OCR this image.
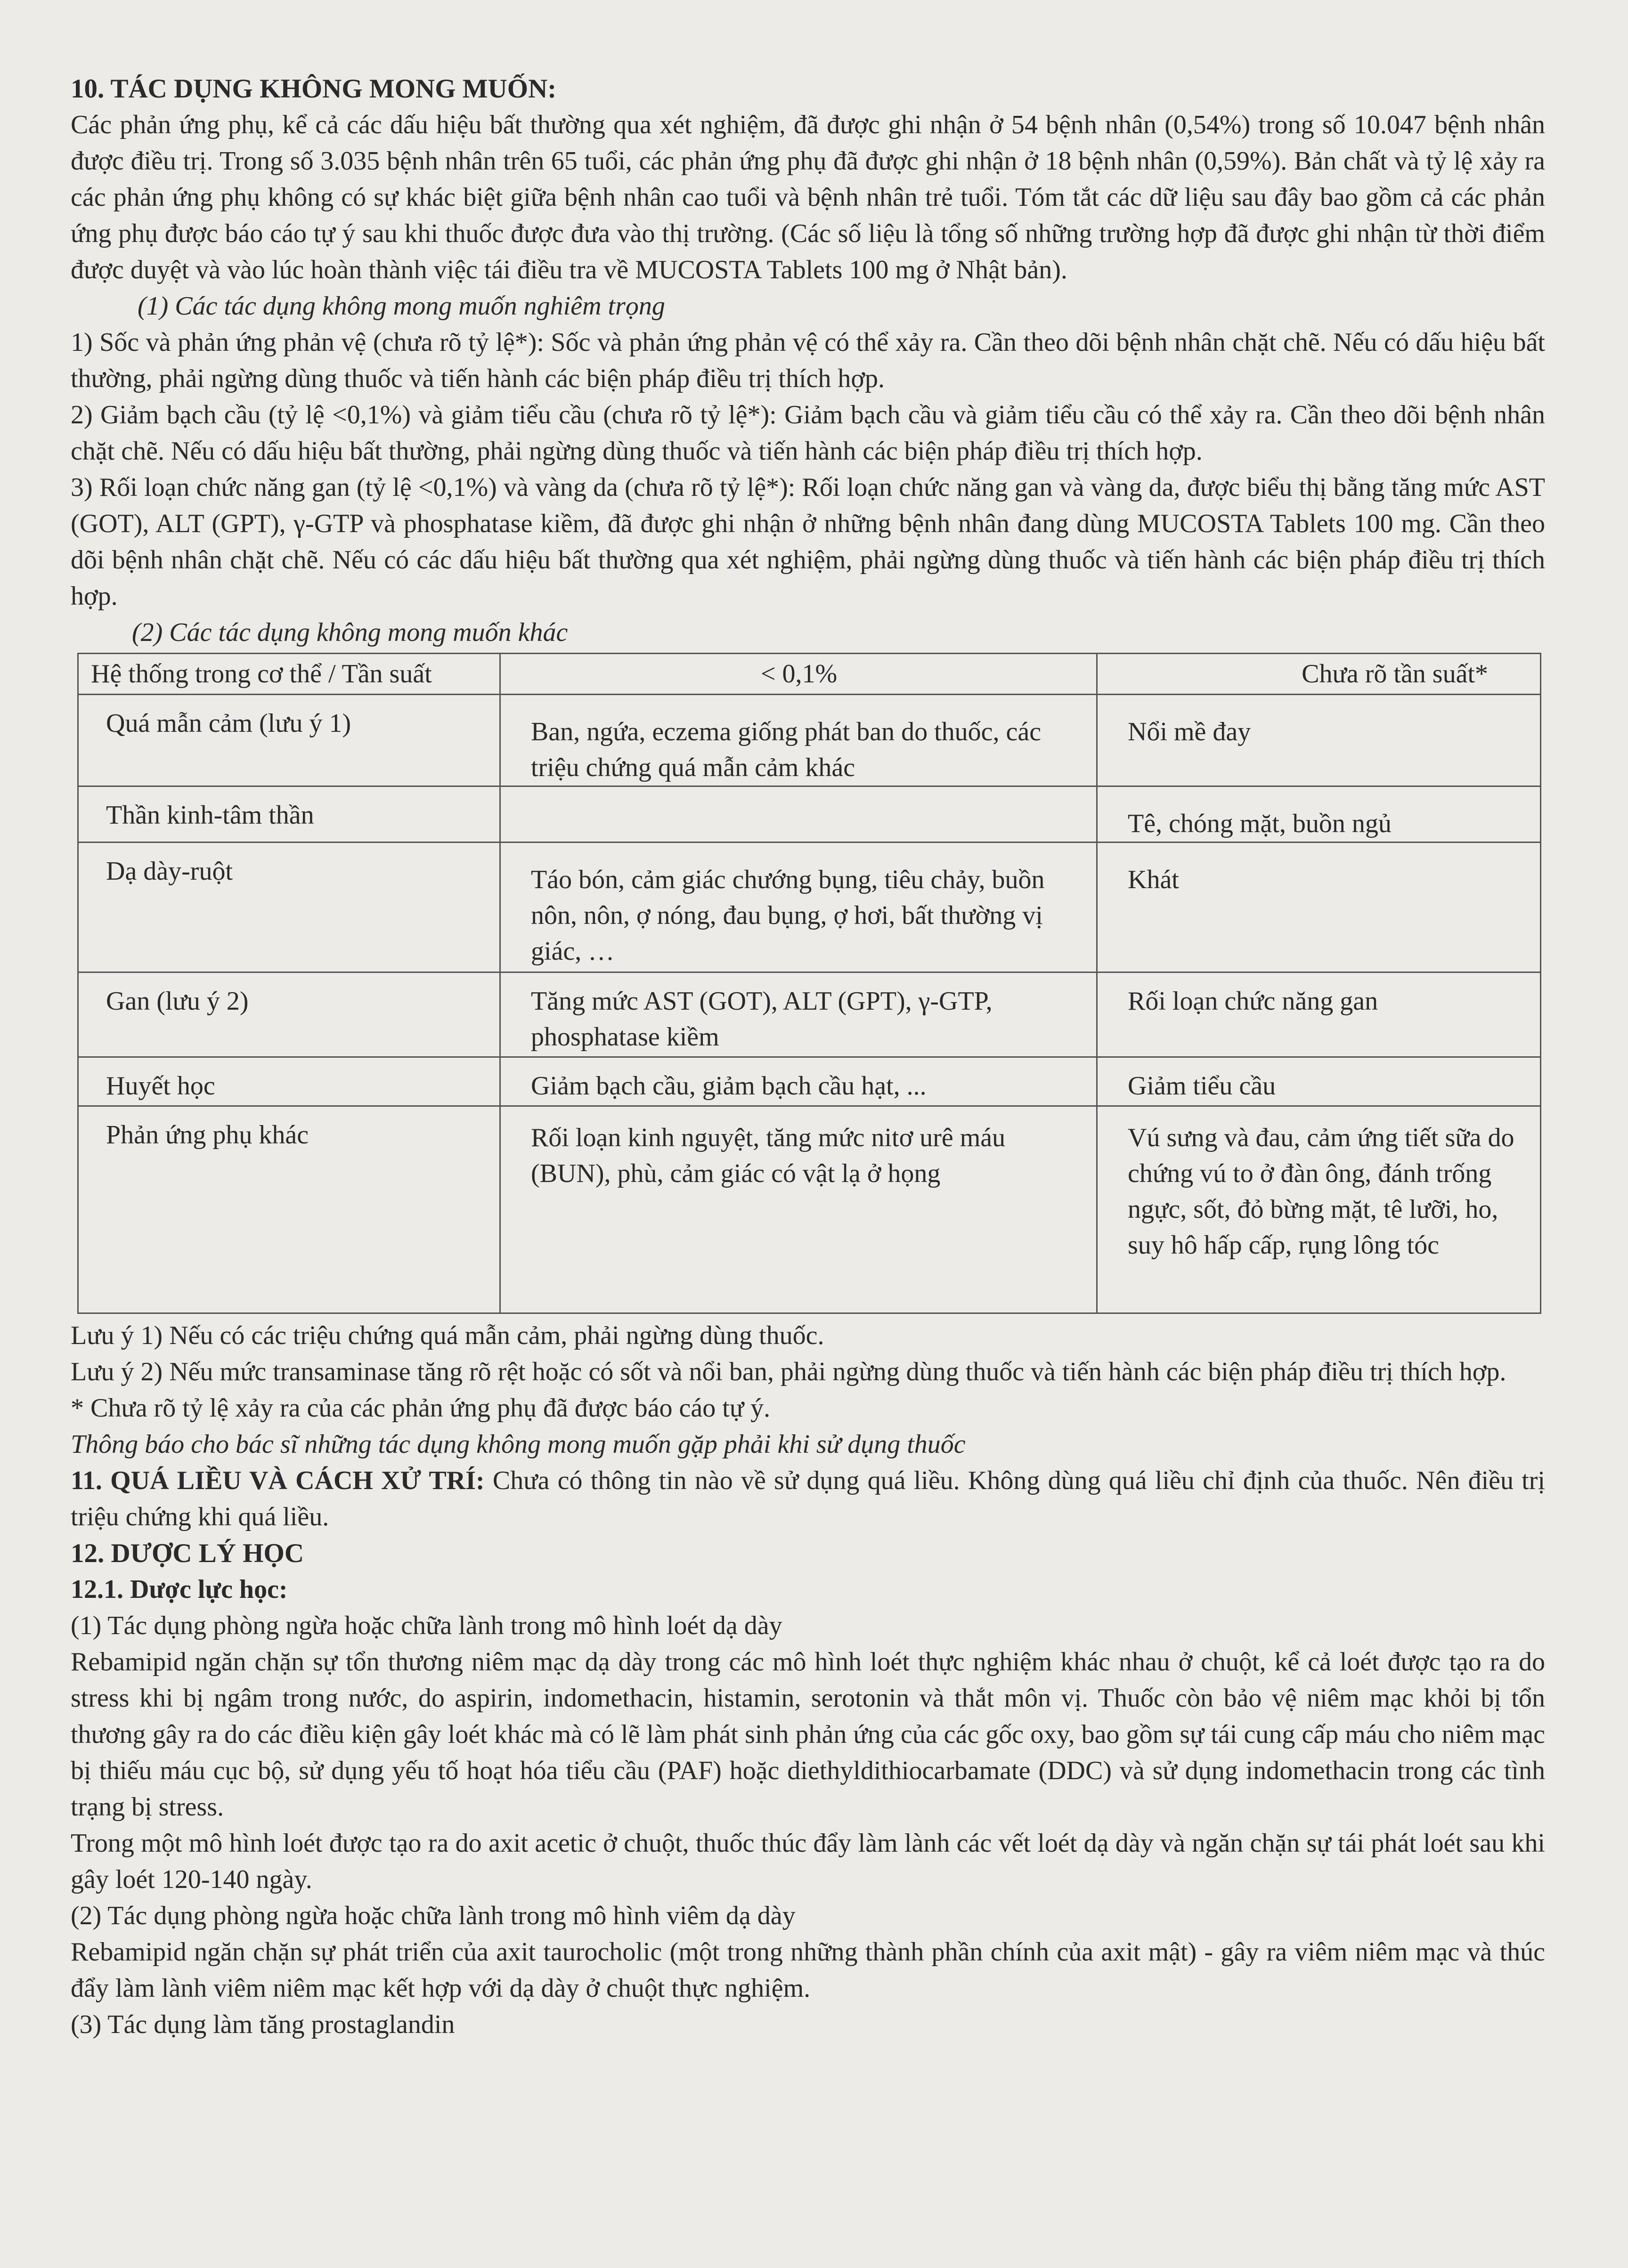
10. TÁC DỤNG KHÔNG MONG MUỐN:

Các phản ứng phụ, kể cả các dấu hiệu bất thường qua xét nghiệm, đã được ghi nhận ở 54 bệnh nhân (0,54%) trong số 10.047 bệnh nhân được điều trị. Trong số 3.035 bệnh nhân trên 65 tuổi, các phản ứng phụ đã được ghi nhận ở 18 bệnh nhân (0,59%). Bản chất và tỷ lệ xảy ra các phản ứng phụ không có sự khác biệt giữa bệnh nhân cao tuổi và bệnh nhân trẻ tuổi. Tóm tắt các dữ liệu sau đây bao gồm cả các phản ứng phụ được báo cáo tự ý sau khi thuốc được đưa vào thị trường. (Các số liệu là tổng số những trường hợp đã được ghi nhận từ thời điểm được duyệt và vào lúc hoàn thành việc tái điều tra về MUCOSTA Tablets 100 mg ở Nhật bản).

(1) Các tác dụng không mong muốn nghiêm trọng

1) Sốc và phản ứng phản vệ (chưa rõ tỷ lệ*): Sốc và phản ứng phản vệ có thể xảy ra. Cần theo dõi bệnh nhân chặt chẽ. Nếu có dấu hiệu bất thường, phải ngừng dùng thuốc và tiến hành các biện pháp điều trị thích hợp.

2) Giảm bạch cầu (tỷ lệ <0,1%) và giảm tiểu cầu (chưa rõ tỷ lệ*): Giảm bạch cầu và giảm tiểu cầu có thể xảy ra. Cần theo dõi bệnh nhân chặt chẽ. Nếu có dấu hiệu bất thường, phải ngừng dùng thuốc và tiến hành các biện pháp điều trị thích hợp.

3) Rối loạn chức năng gan (tỷ lệ <0,1%) và vàng da (chưa rõ tỷ lệ*): Rối loạn chức năng gan và vàng da, được biểu thị bằng tăng mức AST (GOT), ALT (GPT), γ-GTP và phosphatase kiềm, đã được ghi nhận ở những bệnh nhân đang dùng MUCOSTA Tablets 100 mg. Cần theo dõi bệnh nhân chặt chẽ. Nếu có các dấu hiệu bất thường qua xét nghiệm, phải ngừng dùng thuốc và tiến hành các biện pháp điều trị thích hợp.

(2) Các tác dụng không mong muốn khác

Hệ thống trong cơ thể / Tần suất	< 0,1%	Chưa rõ tần suất*
Quá mẫn cảm (lưu ý 1)	Ban, ngứa, eczema giống phát ban do thuốc, các triệu chứng quá mẫn cảm khác	Nổi mề đay
Thần kinh-tâm thần		Tê, chóng mặt, buồn ngủ
Dạ dày-ruột	Táo bón, cảm giác chướng bụng, tiêu chảy, buồn nôn, nôn, ợ nóng, đau bụng, ợ hơi, bất thường vị giác, …	Khát
Gan (lưu ý 2)	Tăng mức AST (GOT), ALT (GPT), γ-GTP, phosphatase kiềm	Rối loạn chức năng gan
Huyết học	Giảm bạch cầu, giảm bạch cầu hạt, ...	Giảm tiểu cầu
Phản ứng phụ khác	Rối loạn kinh nguyệt, tăng mức nitơ urê máu (BUN), phù, cảm giác có vật lạ ở họng	Vú sưng và đau, cảm ứng tiết sữa do chứng vú to ở đàn ông, đánh trống ngực, sốt, đỏ bừng mặt, tê lưỡi, ho, suy hô hấp cấp, rụng lông tóc

Lưu ý 1) Nếu có các triệu chứng quá mẫn cảm, phải ngừng dùng thuốc.

Lưu ý 2) Nếu mức transaminase tăng rõ rệt hoặc có sốt và nổi ban, phải ngừng dùng thuốc và tiến hành các biện pháp điều trị thích hợp.

* Chưa rõ tỷ lệ xảy ra của các phản ứng phụ đã được báo cáo tự ý.

Thông báo cho bác sĩ những tác dụng không mong muốn gặp phải khi sử dụng thuốc

11. QUÁ LIỀU VÀ CÁCH XỬ TRÍ: Chưa có thông tin nào về sử dụng quá liều. Không dùng quá liều chỉ định của thuốc. Nên điều trị triệu chứng khi quá liều.

12. DƯỢC LÝ HỌC

12.1. Dược lực học:

(1) Tác dụng phòng ngừa hoặc chữa lành trong mô hình loét dạ dày

Rebamipid ngăn chặn sự tổn thương niêm mạc dạ dày trong các mô hình loét thực nghiệm khác nhau ở chuột, kể cả loét được tạo ra do stress khi bị ngâm trong nước, do aspirin, indomethacin, histamin, serotonin và thắt môn vị. Thuốc còn bảo vệ niêm mạc khỏi bị tổn thương gây ra do các điều kiện gây loét khác mà có lẽ làm phát sinh phản ứng của các gốc oxy, bao gồm sự tái cung cấp máu cho niêm mạc bị thiếu máu cục bộ, sử dụng yếu tố hoạt hóa tiểu cầu (PAF) hoặc diethyldithiocarbamate (DDC) và sử dụng indomethacin trong các tình trạng bị stress.

Trong một mô hình loét được tạo ra do axit acetic ở chuột, thuốc thúc đẩy làm lành các vết loét dạ dày và ngăn chặn sự tái phát loét sau khi gây loét 120-140 ngày.

(2) Tác dụng phòng ngừa hoặc chữa lành trong mô hình viêm dạ dày

Rebamipid ngăn chặn sự phát triển của axit taurocholic (một trong những thành phần chính của axit mật) - gây ra viêm niêm mạc và thúc đẩy làm lành viêm niêm mạc kết hợp với dạ dày ở chuột thực nghiệm.

(3) Tác dụng làm tăng prostaglandin
